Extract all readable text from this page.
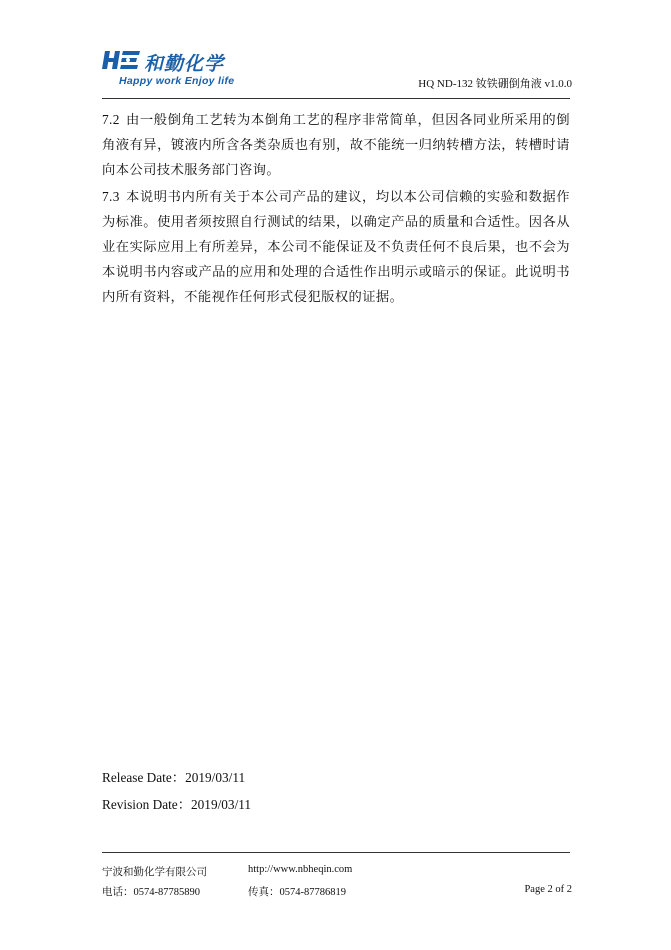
和勤化学
Happy work Enjoy life	HQ ND-132 钕铁硼倒角液 v1.0.0
7.2 由一般倒角工艺转为本倒角工艺的程序非常简单，但因各同业所采用的倒角液有异，镀液内所含各类杂质也有别，故不能统一归纳转槽方法，转槽时请向本公司技术服务部门咨询。
7.3 本说明书内所有关于本公司产品的建议，均以本公司信赖的实验和数据作为标准。使用者须按照自行测试的结果，以确定产品的质量和合适性。因各从业在实际应用上有所差异，本公司不能保证及不负责任何不良后果，也不会为本说明书内容或产品的应用和处理的合适性作出明示或暗示的保证。此说明书内所有资料，不能视作任何形式侵犯版权的证据。
Release Date：2019/03/11
Revision Date：2019/03/11
宁波和勤化学有限公司	http://www.nbheqin.com
电话：0574-87785890	传真：0574-87786819	Page 2 of 2
